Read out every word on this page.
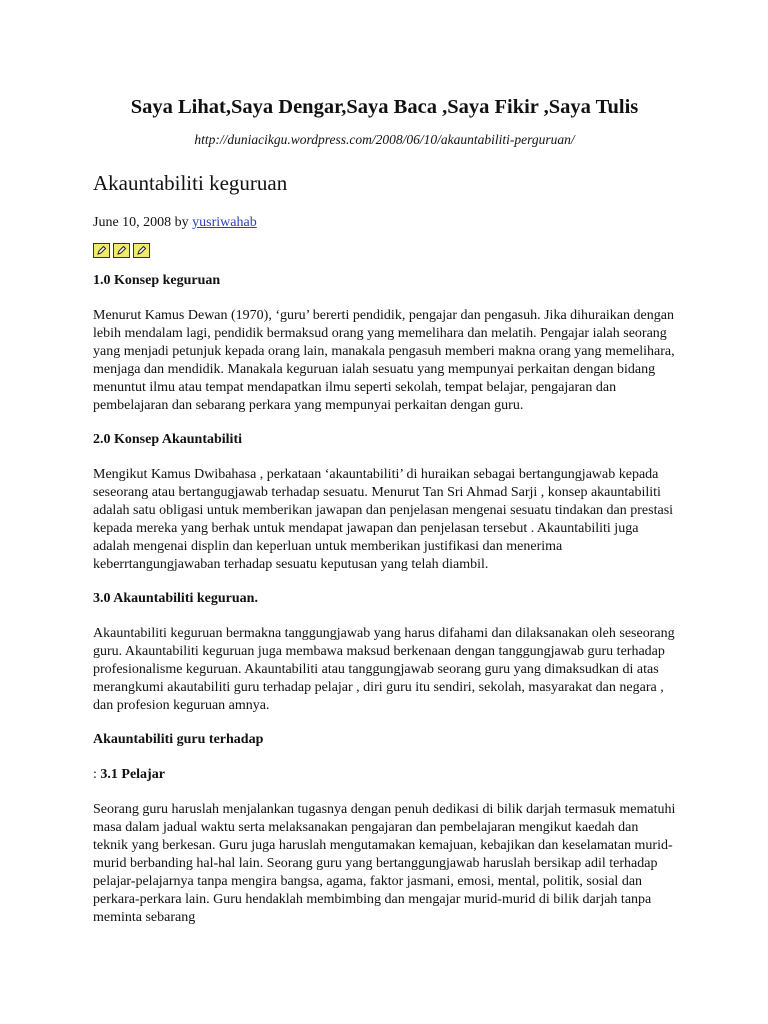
Saya Lihat,Saya Dengar,Saya Baca ,Saya Fikir ,Saya Tulis

http://duniacikgu.wordpress.com/2008/06/10/akauntabiliti-perguruan/

Akauntabiliti keguruan

June 10, 2008 by yusriwahab

1.0 Konsep keguruan

Menurut Kamus Dewan (1970), ‘guru’ bererti pendidik, pengajar dan pengasuh. Jika dihuraikan dengan lebih mendalam lagi, pendidik bermaksud orang yang memelihara dan melatih. Pengajar ialah seorang yang menjadi petunjuk kepada orang lain, manakala pengasuh memberi makna orang yang memelihara, menjaga dan mendidik. Manakala keguruan ialah sesuatu yang mempunyai perkaitan dengan bidang menuntut ilmu atau tempat mendapatkan ilmu seperti sekolah, tempat belajar, pengajaran dan pembelajaran dan sebarang perkara yang mempunyai perkaitan dengan guru.

2.0 Konsep Akauntabiliti

Mengikut Kamus Dwibahasa , perkataan ‘akauntabiliti’ di huraikan sebagai bertangungjawab kepada seseorang atau bertangugjawab terhadap sesuatu. Menurut Tan Sri Ahmad Sarji , konsep akauntabiliti adalah satu obligasi untuk memberikan jawapan dan penjelasan mengenai sesuatu tindakan dan prestasi kepada mereka yang berhak untuk mendapat jawapan dan penjelasan tersebut . Akauntabiliti juga adalah mengenai displin dan keperluan untuk memberikan justifikasi dan menerima keberrtangungjawaban terhadap sesuatu keputusan yang telah diambil.

3.0 Akauntabiliti keguruan.

Akauntabiliti keguruan bermakna tanggungjawab yang harus difahami dan dilaksanakan oleh seseorang guru. Akauntabiliti keguruan juga membawa maksud berkenaan dengan tanggungjawab guru terhadap profesionalisme keguruan. Akauntabiliti atau tanggungjawab seorang guru yang dimaksudkan di atas merangkumi akautabiliti guru terhadap pelajar , diri guru itu sendiri, sekolah, masyarakat dan negara , dan profesion keguruan amnya.

Akauntabiliti guru terhadap

: 3.1 Pelajar

Seorang guru haruslah menjalankan tugasnya dengan penuh dedikasi di bilik darjah termasuk mematuhi masa dalam jadual waktu serta melaksanakan pengajaran dan pembelajaran mengikut kaedah dan teknik yang berkesan. Guru juga haruslah mengutamakan kemajuan, kebajikan dan keselamatan murid-murid berbanding hal-hal lain. Seorang guru yang bertanggungjawab haruslah bersikap adil terhadap pelajar-pelajarnya tanpa mengira bangsa, agama, faktor jasmani, emosi, mental, politik, sosial dan perkara-perkara lain. Guru hendaklah membimbing dan mengajar murid-murid di bilik darjah tanpa meminta sebarang
